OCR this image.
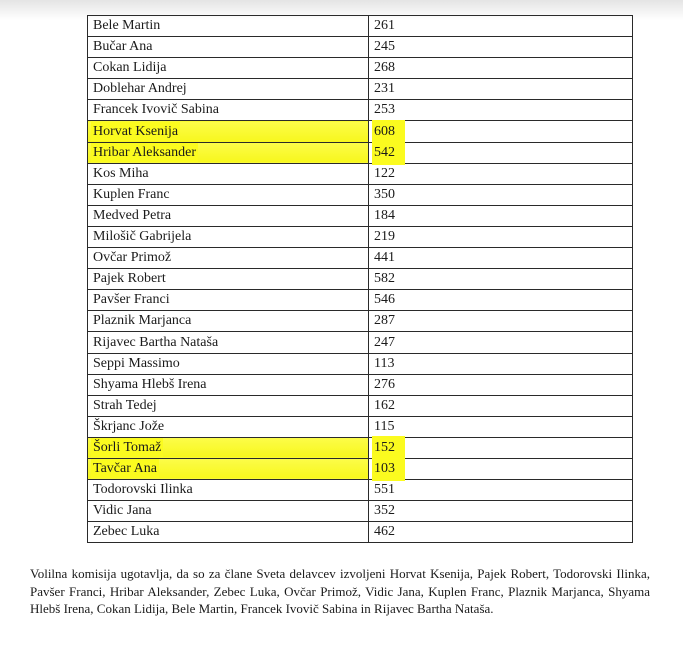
Bele Martin	261
Bučar Ana	245
Cokan Lidija	268
Doblehar Andrej	231
Francek Ivovič Sabina	253
Horvat Ksenija	608
Hribar Aleksander	542
Kos Miha	122
Kuplen Franc	350
Medved Petra	184
Milošič Gabrijela	219
Ovčar Primož	441
Pajek Robert	582
Pavšer Franci	546
Plaznik Marjanca	287
Rijavec Bartha Nataša	247
Seppi Massimo	113
Shyama Hlebš Irena	276
Strah Tedej	162
Škrjanc Jože	115
Šorli Tomaž	152
Tavčar Ana	103
Todorovski Ilinka	551
Vidic Jana	352
Zebec Luka	462

Volilna komisija ugotavlja, da so za člane Sveta delavcev izvoljeni Horvat Ksenija, Pajek Robert, Todorovski Ilinka, Pavšer Franci, Hribar Aleksander, Zebec Luka, Ovčar Primož, Vidic Jana, Kuplen Franc, Plaznik Marjanca, Shyama Hlebš Irena, Cokan Lidija, Bele Martin, Francek Ivovič Sabina in Rijavec Bartha Nataša.
